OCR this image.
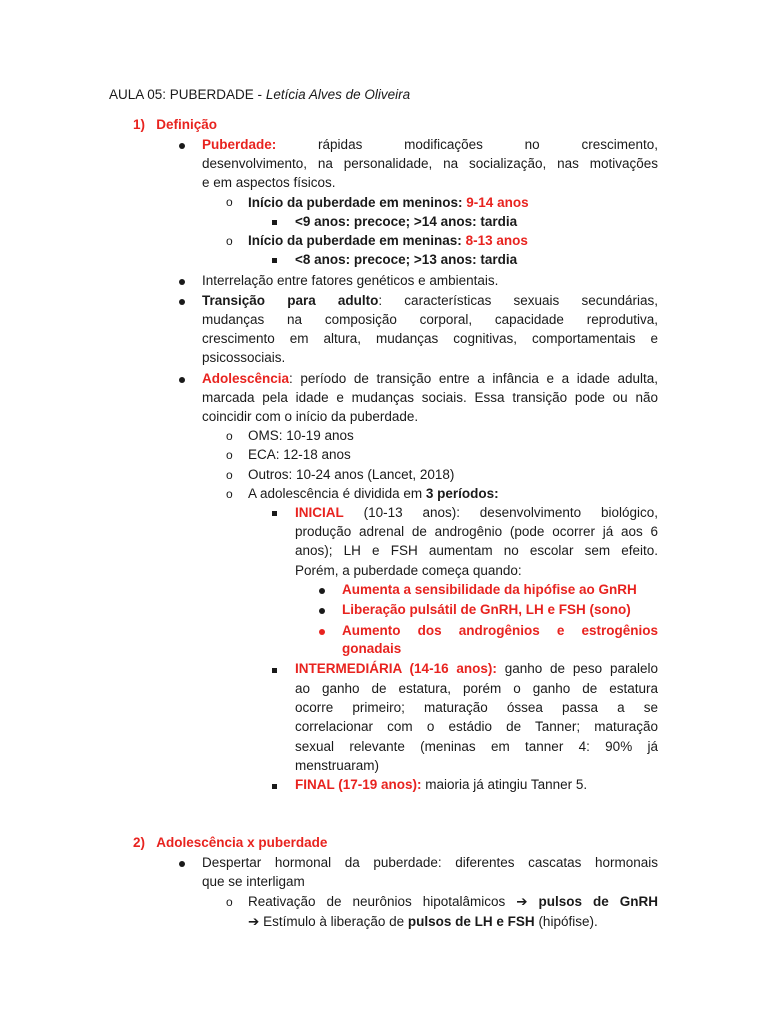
AULA 05: PUBERDADE - Letícia Alves de Oliveira
1) Definição
Puberdade:	rápidas modificações no crescimento,
desenvolvimento, na personalidade, na socialização, nas motivações
e em aspectos físicos.
o Início da puberdade em meninos: 9-14 anos
<9 anos: precoce; >14 anos: tardia
o Início da puberdade em meninas: 8-13 anos
<8 anos: precoce; >13 anos: tardia
Interrelação entre fatores genéticos e ambientais.
Transição para adulto: características sexuais secundárias,
mudanças na composição corporal, capacidade reprodutiva,
crescimento em altura, mudanças cognitivas, comportamentais e
psicossociais.
Adolescência: período de transição entre a infância e a idade adulta,
marcada pela idade e mudanças sociais. Essa transição pode ou não
coincidir com o início da puberdade.
o OMS: 10-19 anos
o ECA: 12-18 anos
o Outros: 10-24 anos (Lancet, 2018)
o A adolescência é dividida em 3 períodos:
INICIAL (10-13 anos): desenvolvimento biológico,
produção adrenal de androgênio (pode ocorrer já aos 6
anos); LH e FSH aumentam no escolar sem efeito.
Porém, a puberdade começa quando:
Aumenta a sensibilidade da hipófise ao GnRH
Liberação pulsátil de GnRH, LH e FSH (sono)
Aumento dos androgênios e estrogênios
gonadais
INTERMEDIÁRIA (14-16 anos): ganho de peso paralelo
ao ganho de estatura, porém o ganho de estatura
ocorre primeiro; maturação óssea passa a se
correlacionar com o estádio de Tanner; maturação
sexual relevante (meninas em tanner 4: 90% já
menstruaram)
FINAL (17-19 anos): maioria já atingiu Tanner 5.
2) Adolescência x puberdade
Despertar hormonal da puberdade: diferentes cascatas hormonais
que se interligam
o Reativação de neurônios hipotalâmicos ➔ pulsos de GnRH
➔ Estímulo à liberação de pulsos de LH e FSH (hipófise).
